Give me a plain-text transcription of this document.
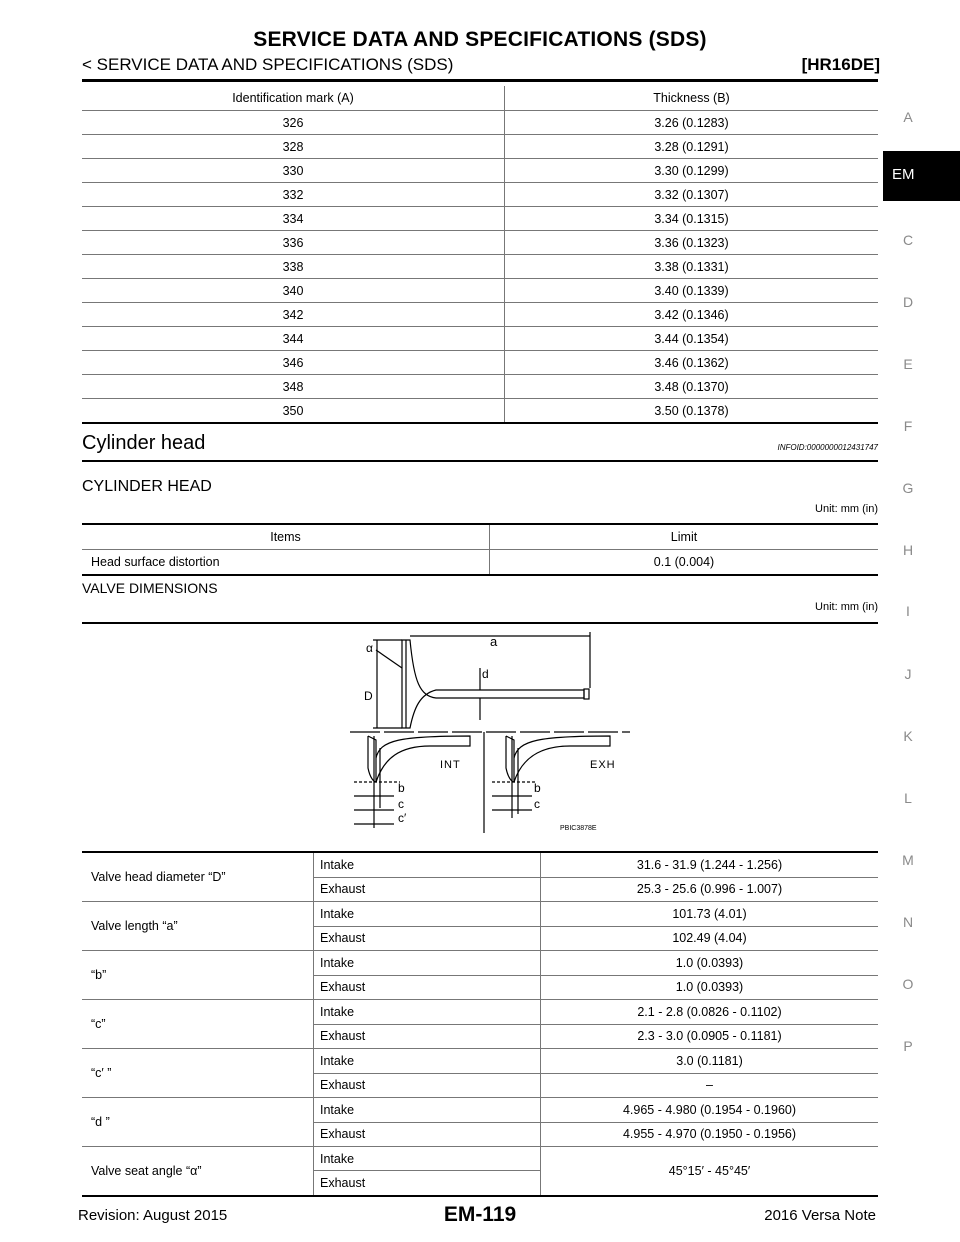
SERVICE DATA AND SPECIFICATIONS (SDS)
< SERVICE DATA AND SPECIFICATIONS (SDS)	[HR16DE]
A
EM
C
D
E
F
G
H
I
J
K
L
M
N
O
P
Identification mark (A)	Thickness (B)
326	3.26 (0.1283)
328	3.28 (0.1291)
330	3.30 (0.1299)
332	3.32 (0.1307)
334	3.34 (0.1315)
336	3.36 (0.1323)
338	3.38 (0.1331)
340	3.40 (0.1339)
342	3.42 (0.1346)
344	3.44 (0.1354)
346	3.46 (0.1362)
348	3.48 (0.1370)
350	3.50 (0.1378)
Cylinder head	INFOID:0000000012431747
CYLINDER HEAD
Unit: mm (in)
Items	Limit
Head surface distortion	0.1 (0.004)
VALVE DIMENSIONS
Unit: mm (in)
α	a
d
D
INT	EXH
b
c
c′
b
c
PBIC3878E
Valve head diameter “D”	Intake	31.6 - 31.9 (1.244 - 1.256)
	Exhaust	25.3 - 25.6 (0.996 - 1.007)
Valve length “a”	Intake	101.73 (4.01)
	Exhaust	102.49 (4.04)
“b”	Intake	1.0 (0.0393)
	Exhaust	1.0 (0.0393)
“c”	Intake	2.1 - 2.8 (0.0826 - 0.1102)
	Exhaust	2.3 - 3.0 (0.0905 - 0.1181)
“c′ ”	Intake	3.0 (0.1181)
	Exhaust	–
“d ”	Intake	4.965 - 4.980 (0.1954 - 0.1960)
	Exhaust	4.955 - 4.970 (0.1950 - 0.1956)
Valve seat angle “α”	Intake	45°15′ - 45°45′
	Exhaust	
Revision: August 2015	EM-119	2016 Versa Note
